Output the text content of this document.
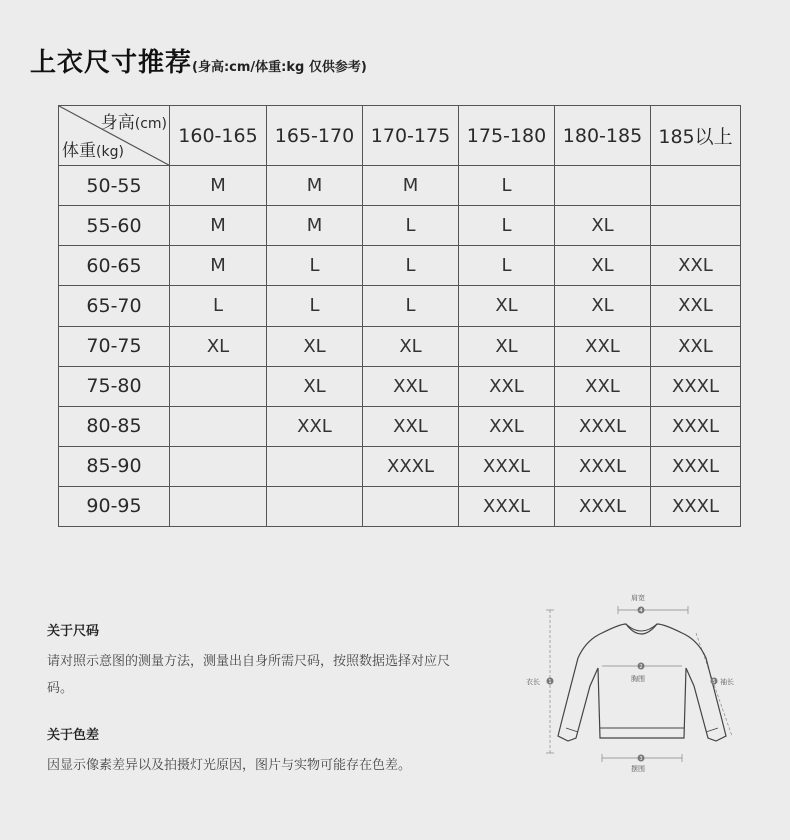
上衣尺寸推荐(身高:cm/体重:kg 仅供参考)
身高(cm)
体重(kg)	160-165	165-170	170-175	175-180	180-185	185以上
50-55	M	M	M	L		
55-60	M	M	L	L	XL	
60-65	M	L	L	L	XL	XXL
65-70	L	L	L	XL	XL	XXL
70-75	XL	XL	XL	XL	XXL	XXL
75-80		XL	XXL	XXL	XXL	XXXL
80-85		XXL	XXL	XXL	XXXL	XXXL
85-90			XXXL	XXXL	XXXL	XXXL
90-95				XXXL	XXXL	XXXL
关于尺码
请对照示意图的测量方法，测量出自身所需尺码，按照数据选择对应尺码。
关于色差
因显示像素差异以及拍摄灯光原因，图片与实物可能存在色差。
4
1
2
5
3
肩宽
衣长	胸围	袖长
摆围
